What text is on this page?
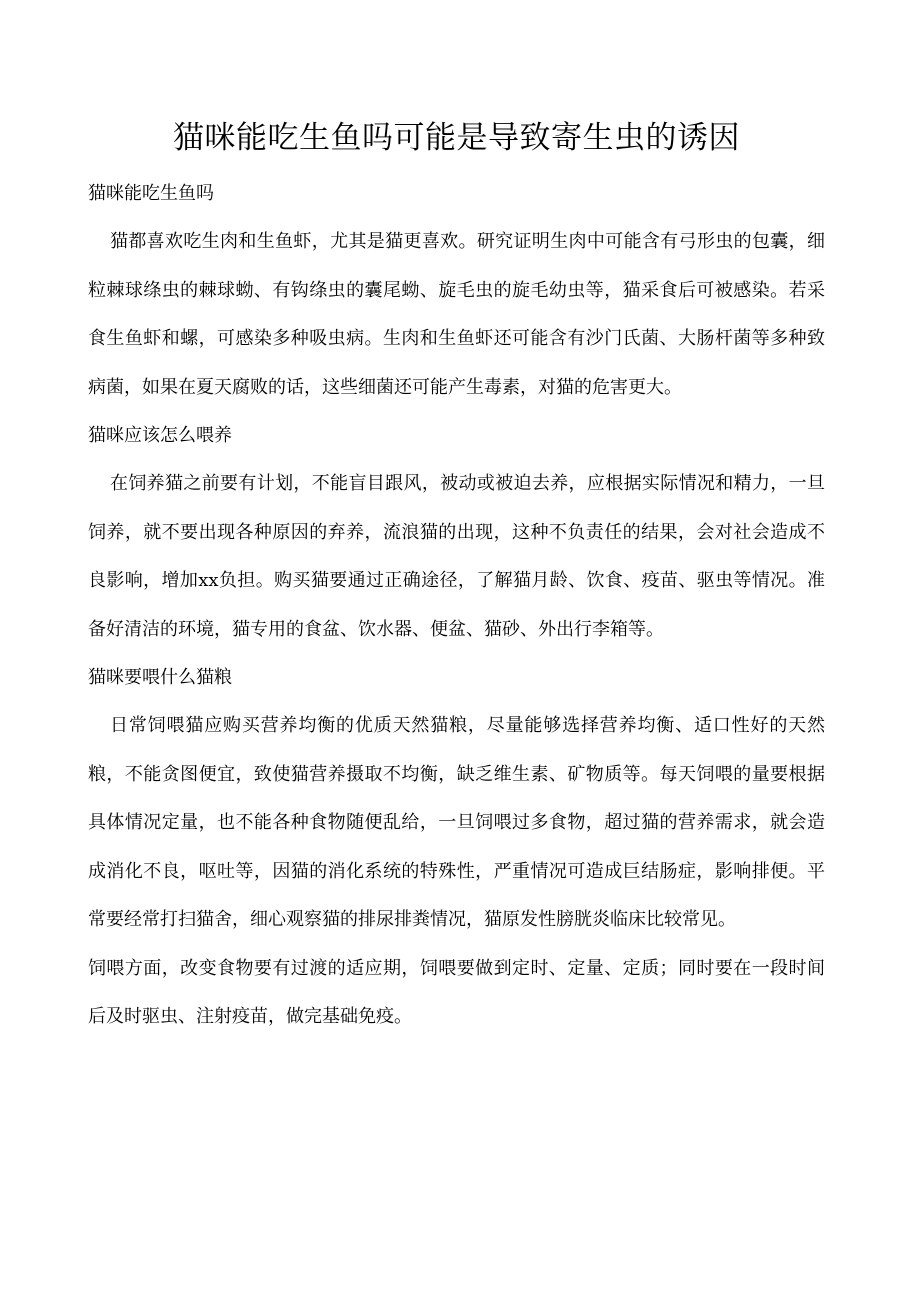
猫咪能吃生鱼吗可能是导致寄生虫的诱因

猫咪能吃生鱼吗

猫都喜欢吃生肉和生鱼虾，尤其是猫更喜欢。研究证明生肉中可能含有弓形虫的包囊，细粒棘球绦虫的棘球蚴、有钩绦虫的囊尾蚴、旋毛虫的旋毛幼虫等，猫采食后可被感染。若采食生鱼虾和螺，可感染多种吸虫病。生肉和生鱼虾还可能含有沙门氏菌、大肠杆菌等多种致病菌，如果在夏天腐败的话，这些细菌还可能产生毒素，对猫的危害更大。

猫咪应该怎么喂养

在饲养猫之前要有计划，不能盲目跟风，被动或被迫去养，应根据实际情况和精力，一旦饲养，就不要出现各种原因的弃养，流浪猫的出现，这种不负责任的结果，会对社会造成不良影响，增加xx负担。购买猫要通过正确途径，了解猫月龄、饮食、疫苗、驱虫等情况。准备好清洁的环境，猫专用的食盆、饮水器、便盆、猫砂、外出行李箱等。

猫咪要喂什么猫粮

日常饲喂猫应购买营养均衡的优质天然猫粮，尽量能够选择营养均衡、适口性好的天然粮，不能贪图便宜，致使猫营养摄取不均衡，缺乏维生素、矿物质等。每天饲喂的量要根据具体情况定量，也不能各种食物随便乱给，一旦饲喂过多食物，超过猫的营养需求，就会造成消化不良，呕吐等，因猫的消化系统的特殊性，严重情况可造成巨结肠症，影响排便。平常要经常打扫猫舍，细心观察猫的排尿排粪情况，猫原发性膀胱炎临床比较常见。

饲喂方面，改变食物要有过渡的适应期，饲喂要做到定时、定量、定质；同时要在一段时间后及时驱虫、注射疫苗，做完基础免疫。
